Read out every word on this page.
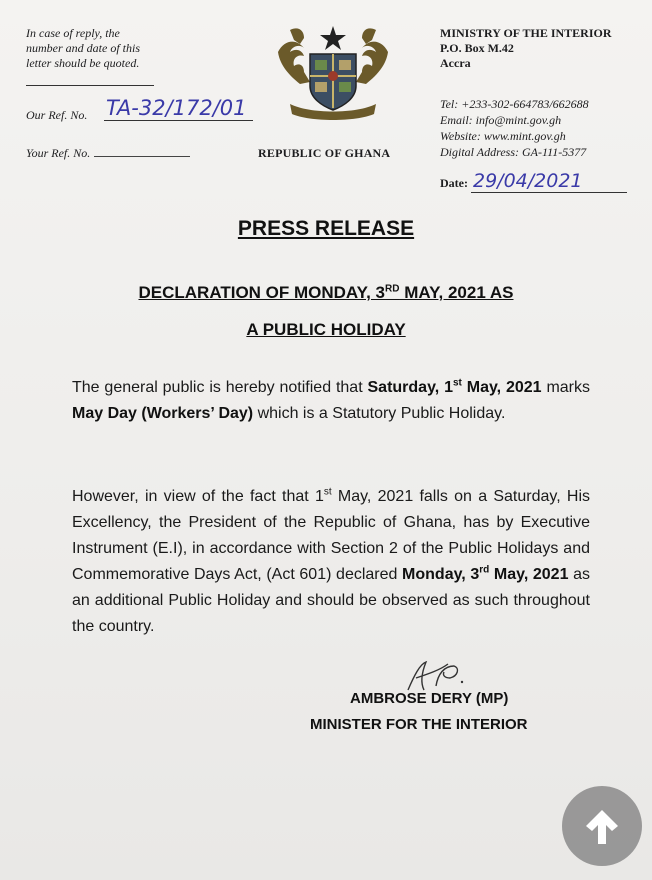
In case of reply, the
number and date of this
letter should be quoted.
Our Ref. No. TA-32/172/01
Your Ref. No.	REPUBLIC OF GHANA
MINISTRY OF THE INTERIOR
P.O. Box M.42
Accra
Tel: +233-302-664783/662688
Email: info@mint.gov.gh
Website: www.mint.gov.gh
Digital Address: GA-111-5377
Date: 29/04/2021
PRESS RELEASE
DECLARATION OF MONDAY, 3RD MAY, 2021 AS
A PUBLIC HOLIDAY
The general public is hereby notified that Saturday, 1st May, 2021 marks May Day (Workers’ Day) which is a Statutory Public Holiday.
However, in view of the fact that 1st May, 2021 falls on a Saturday, His Excellency, the President of the Republic of Ghana, has by Executive Instrument (E.I), in accordance with Section 2 of the Public Holidays and Commemorative Days Act, (Act 601) declared Monday, 3rd May, 2021 as an additional Public Holiday and should be observed as such throughout the country.
AMBROSE DERY (MP)
MINISTER FOR THE INTERIOR
